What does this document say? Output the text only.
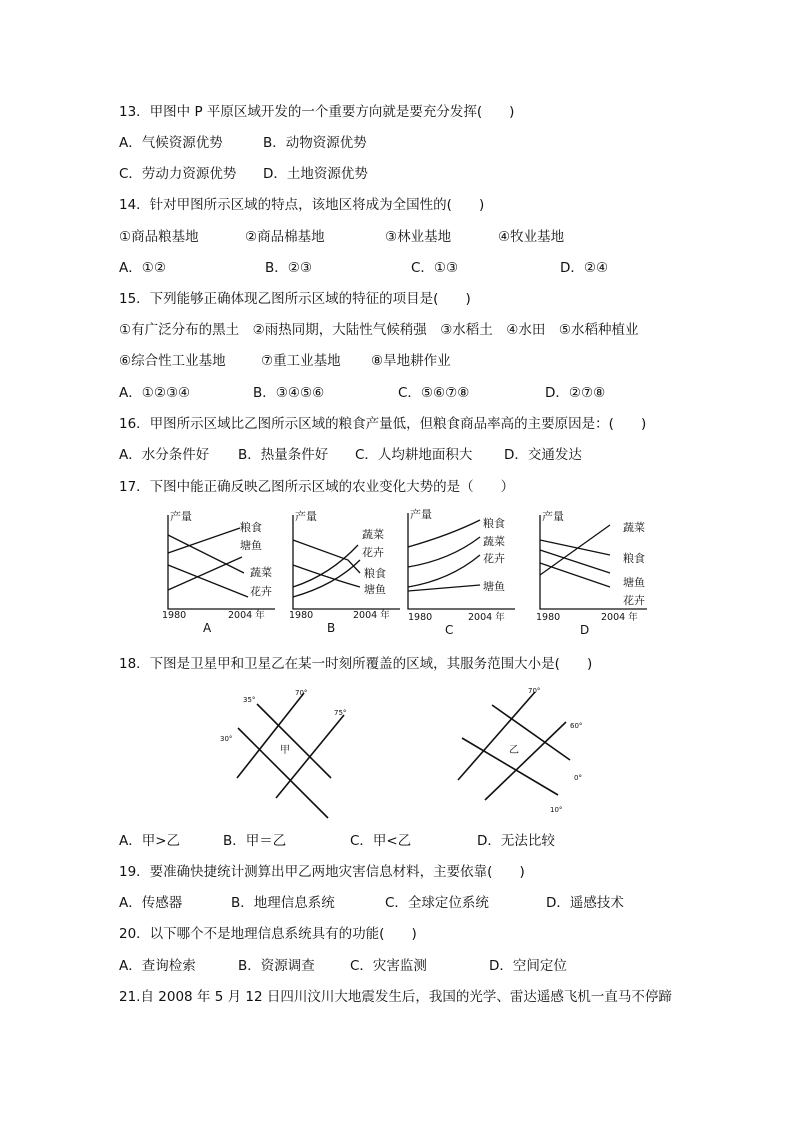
13．甲图中 P 平原区域开发的一个重要方向就是要充分发挥(　　)
A．气候资源优势	B．动物资源优势
C．劳动力资源优势 D．土地资源优势
14．针对甲图所示区域的特点，该地区将成为全国性的(　　)
①商品粮基地	②商品棉基地	③林业基地	④牧业基地
A．①②	B．②③	C．①③	D．②④
15．下列能够正确体现乙图所示区域的特征的项目是(　　)
①有广泛分布的黑土　②雨热同期，大陆性气候稍强　③水稻土　④水田　⑤水稻种植业
⑥综合性工业基地	⑦重工业基地 ⑧旱地耕作业
A．①②③④	B．③④⑤⑥	C．⑤⑥⑦⑧	D．②⑦⑧
16．甲图所示区域比乙图所示区域的粮食产量低，但粮食商品率高的主要原因是：(　　)
A．水分条件好 B．热量条件好 C．人均耕地面积大 D．交通发达
17．下图中能正确反映乙图所示区域的农业变化大势的是（　　）
产量	产量	产量	产量
粮食
塘鱼
蔬菜
花卉
蔬菜
花卉
粮食
塘鱼
粮食
蔬菜
花卉
塘鱼
蔬菜
粮食
塘鱼
花卉
1980	2004 年	1980	2004 年 1980	2004 年	1980	2004 年
A	B	C	D
18．下图是卫星甲和卫星乙在某一时刻所覆盖的区域，其服务范围大小是(　　)
35°
70°
75°
30°
70°
60°
0°
10°
甲	乙
A．甲>乙	B．甲＝乙	C．甲<乙	D．无法比较
19．要准确快捷统计测算出甲乙两地灾害信息材料，主要依靠(　　)
A．传感器	B．地理信息系统	C．全球定位系统	D．遥感技术
20．以下哪个不是地理信息系统具有的功能(　　)
A．查询检索	B．资源调查	C．灾害监测	D．空间定位
21.自 2008 年 5 月 12 日四川汶川大地震发生后，我国的光学、雷达遥感飞机一直马不停蹄
